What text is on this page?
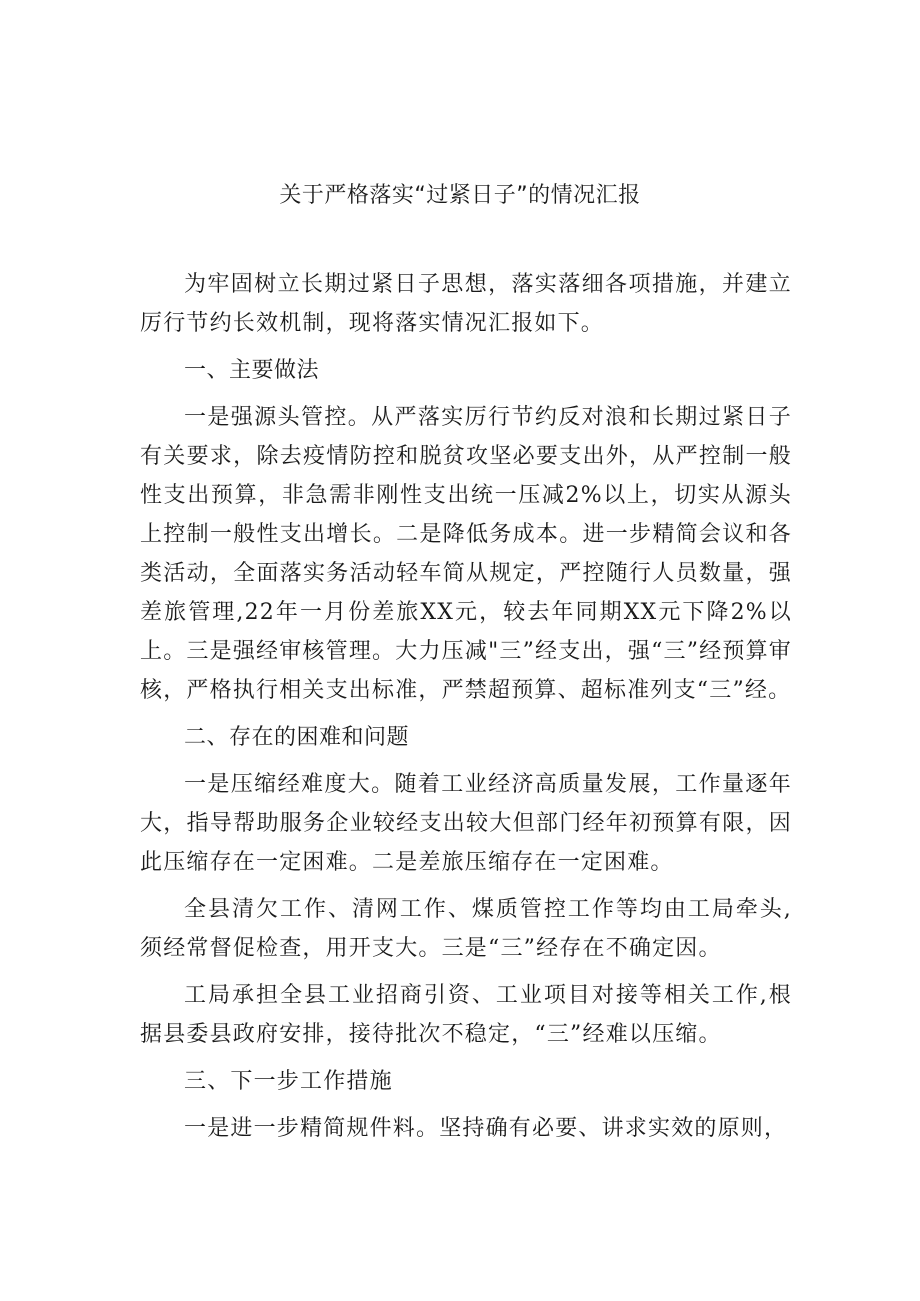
关于严格落实“过紧日子”的情况汇报

为牢固树立长期过紧日子思想，落实落细各项措施，并建立厉行节约长效机制，现将落实情况汇报如下。

一、主要做法

一是强源头管控。从严落实厉行节约反对浪和长期过紧日子有关要求，除去疫情防控和脱贫攻坚必要支出外，从严控制一般性支出预算，非急需非刚性支出统一压减2%以上，切实从源头上控制一般性支出增长。二是降低务成本。进一步精简会议和各类活动，全面落实务活动轻车简从规定，严控随行人员数量，强差旅管理,22年一月份差旅XX元，较去年同期XX元下降2%以上。三是强经审核管理。大力压减"三”经支出，强“三”经预算审核，严格执行相关支出标准，严禁超预算、超标准列支“三”经。

二、存在的困难和问题

一是压缩经难度大。随着工业经济高质量发展，工作量逐年大，指导帮助服务企业较经支出较大但部门经年初预算有限，因此压缩存在一定困难。二是差旅压缩存在一定困难。

全县清欠工作、清网工作、煤质管控工作等均由工局牵头,须经常督促检查，用开支大。三是“三”经存在不确定因。

工局承担全县工业招商引资、工业项目对接等相关工作,根据县委县政府安排，接待批次不稳定，“三”经难以压缩。

三、下一步工作措施

一是进一步精简规件料。坚持确有必要、讲求实效的原则，
